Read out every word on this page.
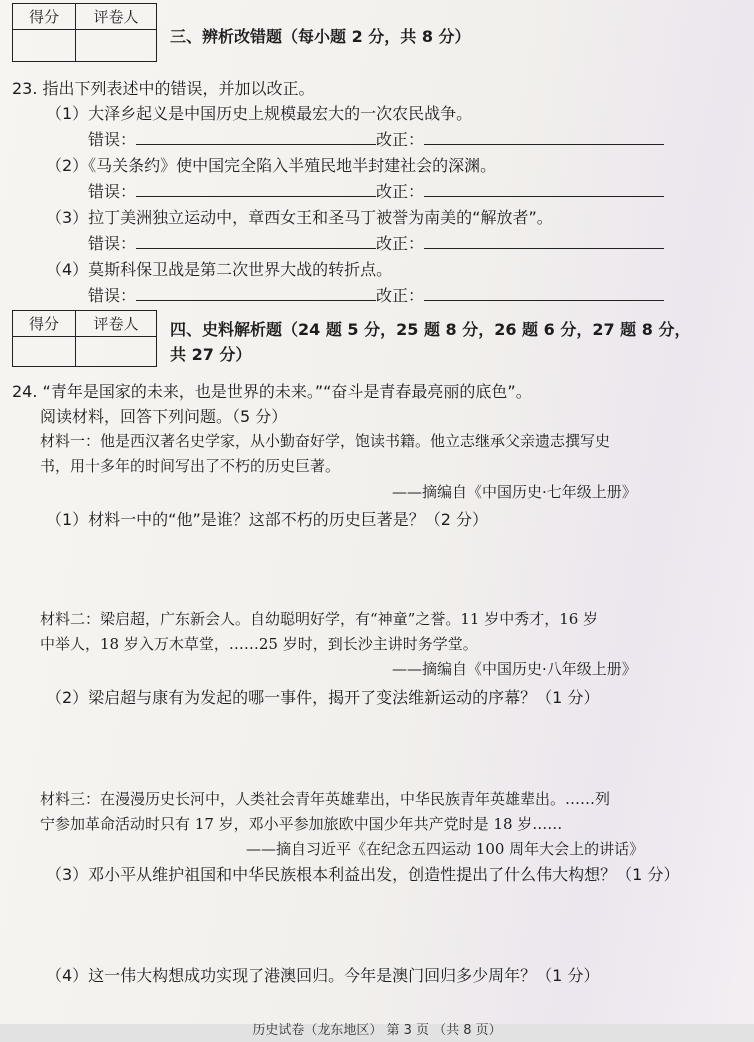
得分	评卷人

三、辨析改错题（每小题 2 分，共 8 分）
23. 指出下列表述中的错误，并加以改正。
（1）大泽乡起义是中国历史上规模最宏大的一次农民战争。
错误：	改正：
（2）《马关条约》使中国完全陷入半殖民地半封建社会的深渊。
错误：	改正：
（3）拉丁美洲独立运动中，章西女王和圣马丁被誉为南美的“解放者”。
错误：	改正：
（4）莫斯科保卫战是第二次世界大战的转折点。
错误：	改正：
得分	评卷人
	四、史料解析题（24 题 5 分，25 题 8 分，26 题 6 分，27 题 8 分，
共 27 分）
24. “青年是国家的未来，也是世界的未来。”“奋斗是青春最亮丽的底色”。
阅读材料，回答下列问题。（5 分）
材料一：他是西汉著名史学家，从小勤奋好学，饱读书籍。他立志继承父亲遗志撰写史
书，用十多年的时间写出了不朽的历史巨著。
——摘编自《中国历史·七年级上册》
（1）材料一中的“他”是谁？这部不朽的历史巨著是？（2 分）
材料二：梁启超，广东新会人。自幼聪明好学，有“神童”之誉。11 岁中秀才，16 岁
中举人，18 岁入万木草堂，……25 岁时，到长沙主讲时务学堂。
——摘编自《中国历史·八年级上册》
（2）梁启超与康有为发起的哪一事件，揭开了变法维新运动的序幕？（1 分）
材料三：在漫漫历史长河中，人类社会青年英雄辈出，中华民族青年英雄辈出。……列
宁参加革命活动时只有 17 岁，邓小平参加旅欧中国少年共产党时是 18 岁……
——摘自习近平《在纪念五四运动 100 周年大会上的讲话》
（3）邓小平从维护祖国和中华民族根本利益出发，创造性提出了什么伟大构想？（1 分）
（4）这一伟大构想成功实现了港澳回归。今年是澳门回归多少周年？（1 分）
历史试卷（龙东地区） 第 3 页 （共 8 页）
